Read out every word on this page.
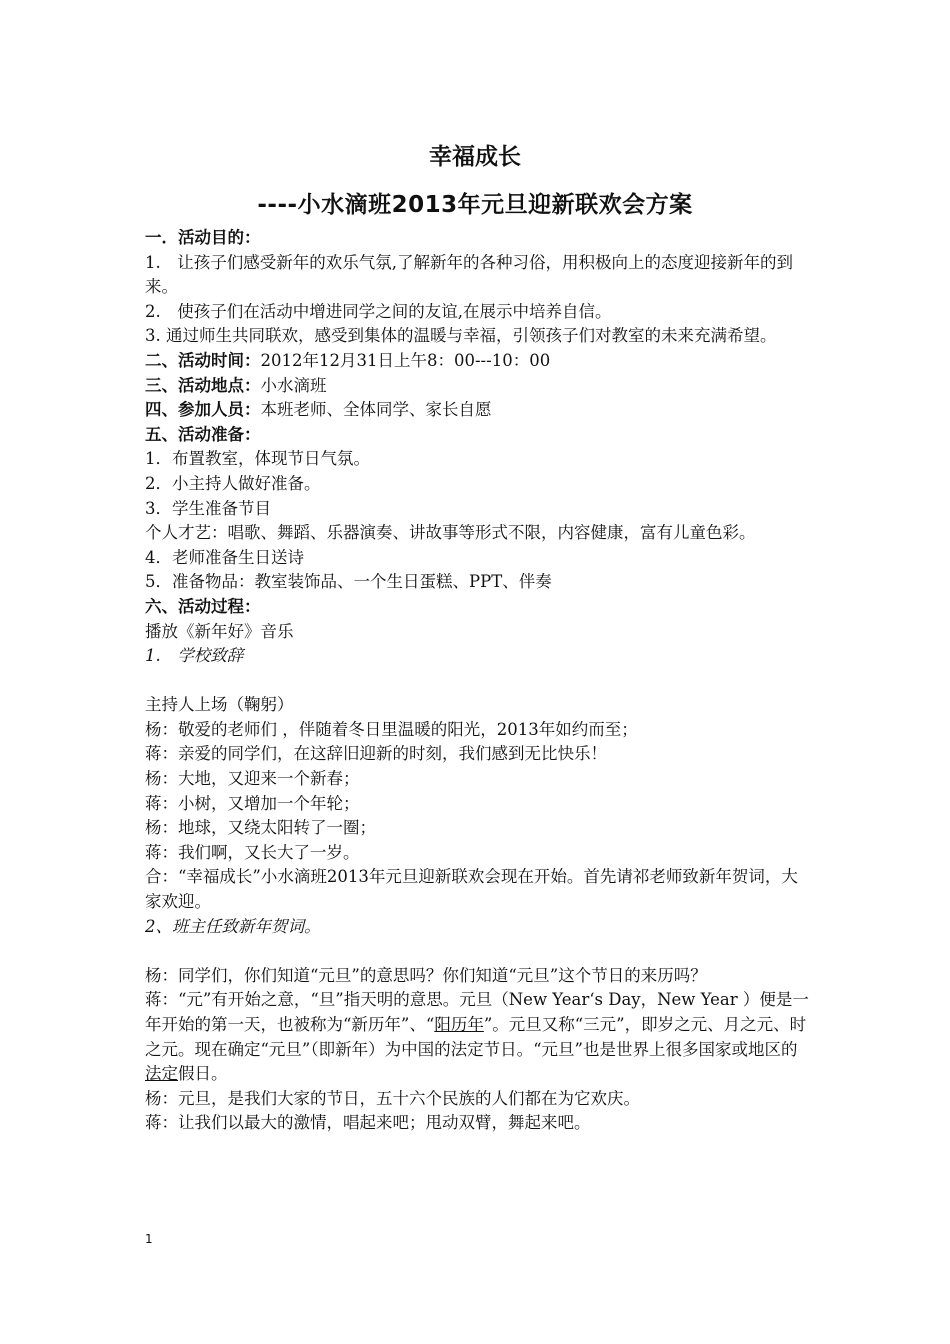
幸福成长
----小水滴班2013年元旦迎新联欢会方案

一．活动目的：

1.　让孩子们感受新年的欢乐气氛,了解新年的各种习俗，用积极向上的态度迎接新年的到来。

2.　使孩子们在活动中增进同学之间的友谊,在展示中培养自信。

3. 通过师生共同联欢，感受到集体的温暖与幸福，引领孩子们对教室的未来充满希望。

二、活动时间：2012年12月31日上午8：00---10：00

三、活动地点：小水滴班

四、参加人员：本班老师、全体同学、家长自愿

五、活动准备：

1．布置教室，体现节日气氛。

2．小主持人做好准备。

3．学生准备节目

个人才艺：唱歌、舞蹈、乐器演奏、讲故事等形式不限，内容健康，富有儿童色彩。

4．老师准备生日送诗

5．准备物品：教室装饰品、一个生日蛋糕、PPT、伴奏

六、活动过程：

播放《新年好》音乐

1.　学校致辞

主持人上场（鞠躬）

杨：敬爱的老师们 ，伴随着冬日里温暖的阳光，2013年如约而至；

蒋：亲爱的同学们，在这辞旧迎新的时刻，我们感到无比快乐！

杨：大地，又迎来一个新春；

蒋：小树，又增加一个年轮；

杨：地球，又绕太阳转了一圈；

蒋：我们啊，又长大了一岁。

合：“幸福成长”小水滴班2013年元旦迎新联欢会现在开始。首先请祁老师致新年贺词，大家欢迎。

2、班主任致新年贺词。

杨：同学们，你们知道“元旦”的意思吗？你们知道“元旦”这个节日的来历吗？

蒋：“元”有开始之意，“旦”指天明的意思。元旦（New Year‘s Day，New Year ）便是一年开始的第一天，也被称为“新历年”、“阳历年”。元旦又称“三元”，即岁之元、月之元、时之元。现在确定“元旦”（即新年）为中国的法定节日。“元旦”也是世界上很多国家或地区的法定假日。

杨：元旦，是我们大家的节日，五十六个民族的人们都在为它欢庆。

蒋：让我们以最大的激情，唱起来吧；甩动双臂，舞起来吧。

1
